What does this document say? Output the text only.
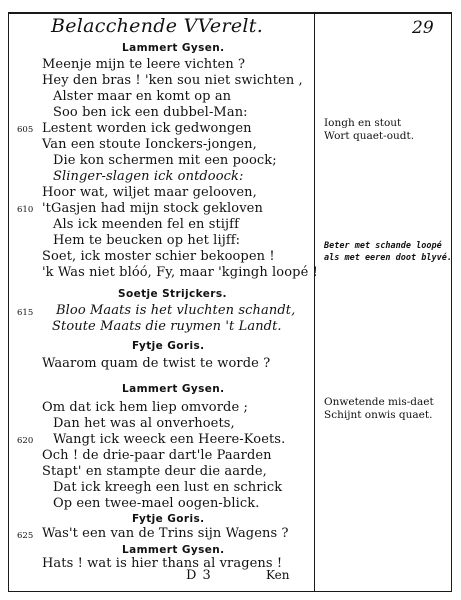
Belacchende VVerelt.	29
Lammert Gysen.
Meenje mijn te leere vichten ?
Hey den bras ! 'ken sou niet swichten ,
Alster maar en komt op an
Soo ben ick een dubbel-Man:
605 Lestent worden ick gedwongen
Van een stoute Ionckers-jongen,
Die kon schermen mit een poock;
Slinger-slagen ick ontdoock:
Hoor wat, wiljet maar gelooven,
610 'tGasjen had mijn stock gekloven
Als ick meenden fel en stijff
Hem te beucken op het lijff:
Soet, ick moster schier bekoopen !
'k Was niet blóó, Fy, maar 'kgingh loopé !
Soetje Strijckers.
615 Bloo Maats is het vluchten schandt,
Stoute Maats die ruymen 't Landt.
Fytje Goris.
Waarom quam de twist te worde ?
Lammert Gysen.
Om dat ick hem liep omvorde ;
Dan het was al onverhoets,
620 Wangt ick weeck een Heere-Koets.
Och ! de drie-paar dart'le Paarden
Stapt' en stampte deur die aarde,
Dat ick kreegh een lust en schrick
Op een twee-mael oogen-blick.
Fytje Goris.
625 Was't een van de Trins sijn Wagens ?
Lammert Gysen.
Hats ! wat is hier thans al vragens !
Iongh en stout
Wort quaet-oudt.
Beter met schande loopé
als met eeren doot blyvé.
Onwetende mis-daet
Schijnt onwis quaet.
D 3	Ken
